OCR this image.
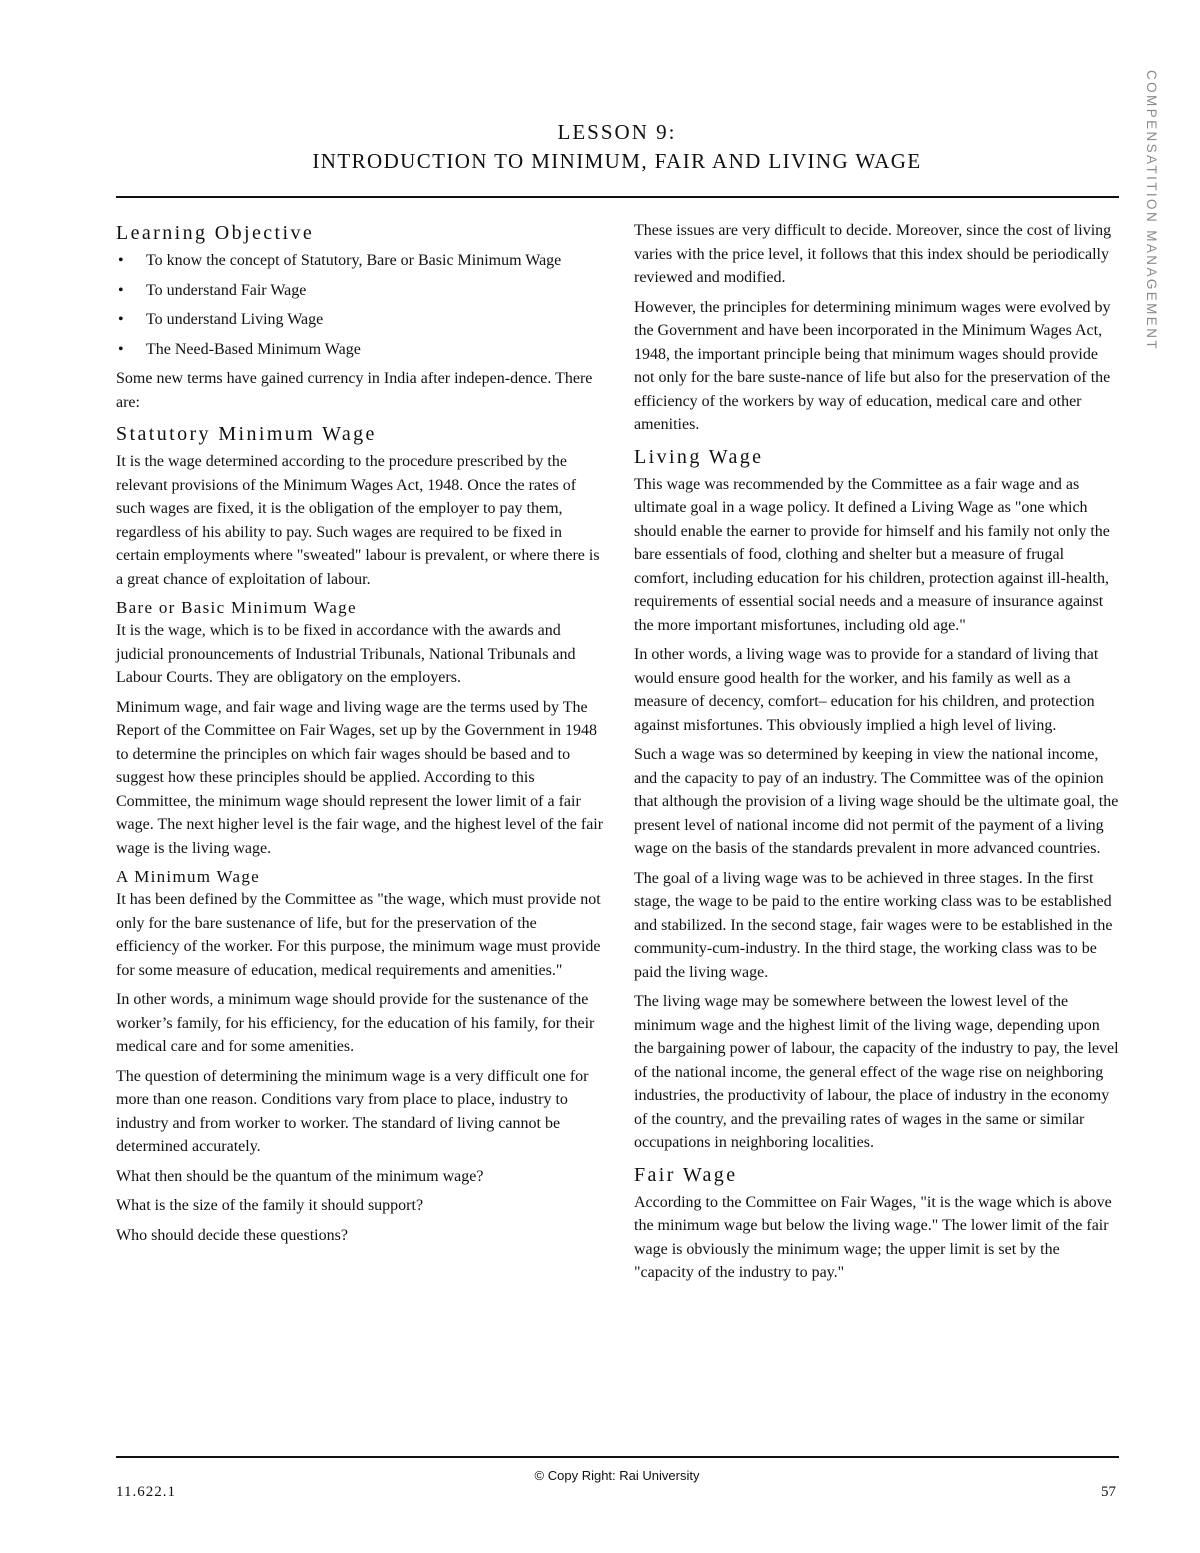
COMPENSATITION MANAGEMENT
LESSON 9:
INTRODUCTION TO MINIMUM, FAIR AND LIVING WAGE
Learning Objective
• To know the concept of Statutory, Bare or Basic Minimum Wage
• To understand Fair Wage
• To understand Living Wage
• The Need-Based Minimum Wage

Some new terms have gained currency in India after indepen-dence. There are:

Statutory Minimum Wage

It is the wage determined according to the procedure prescribed by the relevant provisions of the Minimum Wages Act, 1948. Once the rates of such wages are fixed, it is the obligation of the employer to pay them, regardless of his ability to pay. Such wages are required to be fixed in certain employments where "sweated" labour is prevalent, or where there is a great chance of exploitation of labour.

Bare or Basic Minimum Wage

It is the wage, which is to be fixed in accordance with the awards and judicial pronouncements of Industrial Tribunals, National Tribunals and Labour Courts. They are obligatory on the employers.

Minimum wage, and fair wage and living wage are the terms used by The Report of the Committee on Fair Wages, set up by the Government in 1948 to determine the principles on which fair wages should be based and to suggest how these principles should be applied. According to this Committee, the minimum wage should represent the lower limit of a fair wage. The next higher level is the fair wage, and the highest level of the fair wage is the living wage.

A Minimum Wage

It has been defined by the Committee as "the wage, which must provide not only for the bare sustenance of life, but for the preservation of the efficiency of the worker. For this purpose, the minimum wage must provide for some measure of education, medical requirements and amenities."

In other words, a minimum wage should provide for the sustenance of the worker’s family, for his efficiency, for the education of his family, for their medical care and for some amenities.

The question of determining the minimum wage is a very difficult one for more than one reason. Conditions vary from place to place, industry to industry and from worker to worker. The standard of living cannot be determined accurately.

What then should be the quantum of the minimum wage?

What is the size of the family it should support?

Who should decide these questions?

These issues are very difficult to decide. Moreover, since the cost of living varies with the price level, it follows that this index should be periodically reviewed and modified.

However, the principles for determining minimum wages were evolved by the Government and have been incorporated in the Minimum Wages Act, 1948, the important principle being that minimum wages should provide not only for the bare suste-nance of life but also for the preservation of the efficiency of the workers by way of education, medical care and other amenities.

Living Wage

This wage was recommended by the Committee as a fair wage and as ultimate goal in a wage policy. It defined a Living Wage as "one which should enable the earner to provide for himself and his family not only the bare essentials of food, clothing and shelter but a measure of frugal comfort, including education for his children, protection against ill-health, requirements of essential social needs and a measure of insurance against the more important misfortunes, including old age."

In other words, a living wage was to provide for a standard of living that would ensure good health for the worker, and his family as well as a measure of decency, comfort– education for his children, and protection against misfortunes. This obviously implied a high level of living.

Such a wage was so determined by keeping in view the national income, and the capacity to pay of an industry. The Committee was of the opinion that although the provision of a living wage should be the ultimate goal, the present level of national income did not permit of the payment of a living wage on the basis of the standards prevalent in more advanced countries.

The goal of a living wage was to be achieved in three stages. In the first stage, the wage to be paid to the entire working class was to be established and stabilized. In the second stage, fair wages were to be established in the community-cum-industry. In the third stage, the working class was to be paid the living wage.

The living wage may be somewhere between the lowest level of the minimum wage and the highest limit of the living wage, depending upon the bargaining power of labour, the capacity of the industry to pay, the level of the national income, the general effect of the wage rise on neighboring industries, the productivity of labour, the place of industry in the economy of the country, and the prevailing rates of wages in the same or similar occupations in neighboring localities.

Fair Wage

According to the Committee on Fair Wages, "it is the wage which is above the minimum wage but below the living wage." The lower limit of the fair wage is obviously the minimum wage; the upper limit is set by the "capacity of the industry to pay."

© Copy Right: Rai University
11.622.1	57
